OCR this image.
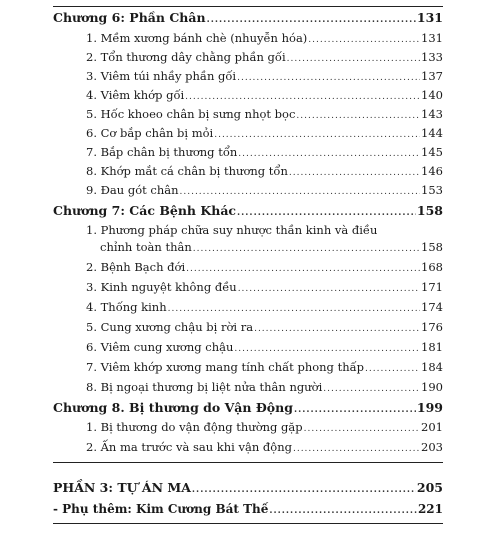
Chương 6: Phần Chân .....	131
1. Mềm xương bánh chè (nhuyễn hóa) .....	131
2. Tổn thương dây chằng phần gối .....	133
3. Viêm túi nhầy phần gối .....	137
4. Viêm khớp gối .....	140
5. Hốc khoeo chân bị sưng nhọt bọc .....	143
6. Cơ bắp chân bị mỏi .....	144
7. Bắp chân bị thương tổn .....	145
8. Khớp mắt cá chân bị thương tổn .....	146
9. Đau gót chân .....	153
Chương 7: Các Bệnh Khác .....	158
1. Phương pháp chữa suy nhược thần kinh và điều
chỉnh toàn thân .....	158
2. Bệnh Bạch đới .....	168
3. Kinh nguyệt không đều .....	171
4. Thống kinh .....	174
5. Cung xương chậu bị rời ra .....	176
6. Viêm cung xương chậu .....	181
7. Viêm khớp xương mang tính chất phong thấp .....	184
8. Bị ngoại thương bị liệt nửa thân người .....	190
Chương 8. Bị thương do Vận Động .....	199
1. Bị thương do vận động thường gặp .....	201
2. Ấn ma trước và sau khi vận động .....	203
PHẦN 3: TỰ ÁN MA .....	205
- Phụ thêm: Kim Cương Bát Thế .....	221
